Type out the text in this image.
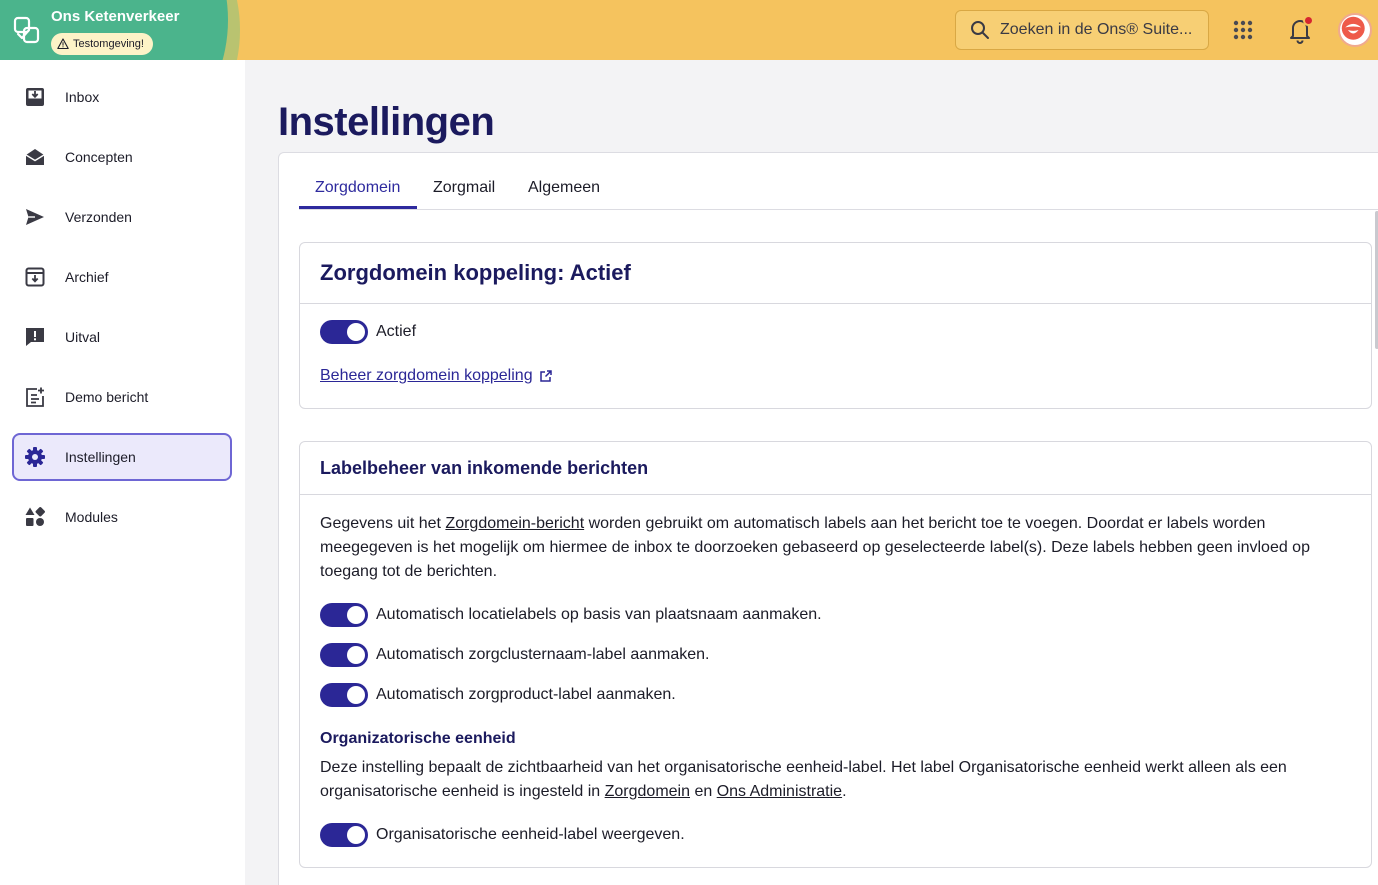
Ons Ketenverkeer
Testomgeving!
Zoeken in de Ons® Suite...
Inbox
Concepten
Verzonden
Archief
Uitval
Demo bericht
Instellingen
Modules
Instellingen
Zorgdomein Zorgmail Algemeen
Zorgdomein koppeling: Actief
Actief
Beheer zorgdomein koppeling
Labelbeheer van inkomende berichten

Gegevens uit het Zorgdomein-bericht worden gebruikt om automatisch labels aan het bericht toe te voegen. Doordat er labels worden meegegeven is het mogelijk om hiermee de inbox te doorzoeken gebaseerd op geselecteerde label(s). Deze labels hebben geen invloed op toegang tot de berichten.

Automatisch locatielabels op basis van plaatsnaam aanmaken.
Automatisch zorgclusternaam-label aanmaken.
Automatisch zorgproduct-label aanmaken.
Organizatorische eenheid

Deze instelling bepaalt de zichtbaarheid van het organisatorische eenheid-label. Het label Organisatorische eenheid werkt alleen als een organisatorische eenheid is ingesteld in Zorgdomein en Ons Administratie.

Organisatorische eenheid-label weergeven.
